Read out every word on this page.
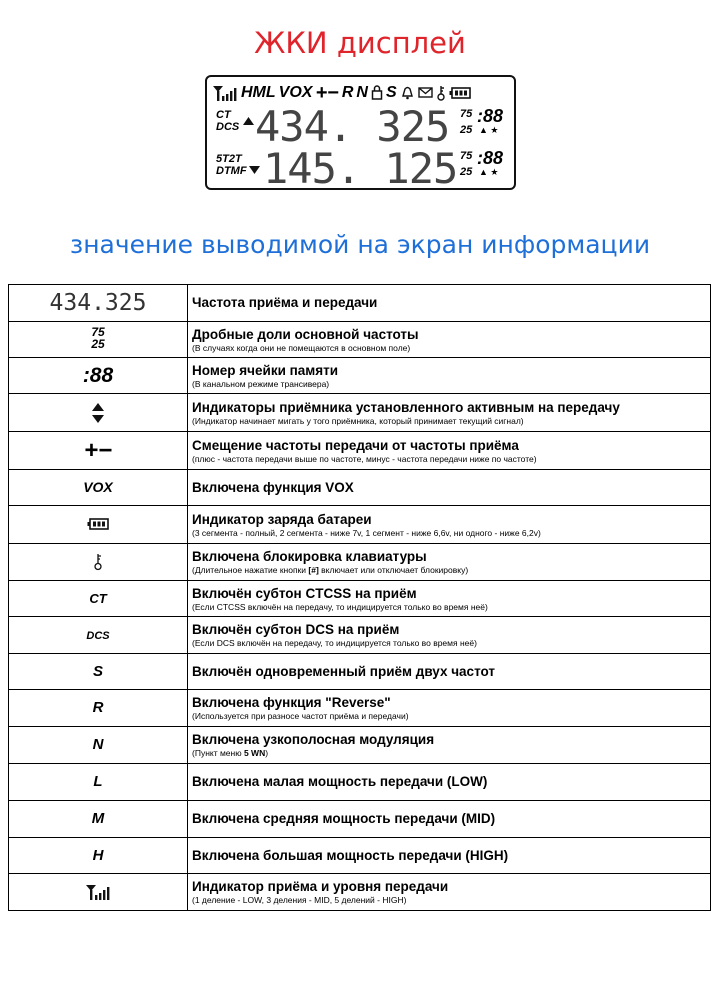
ЖКИ дисплей
HML VOX +− R N S
CT
DCS 434. 325 75
25
:88
▲ ★
5T2T
DTMF 145. 125 75
25
:88
▲ ★
значение выводимой на экран информации
434.325	Частота приёма и передачи

75
25	Дробные доли основной частоты
(В случаях когда они не помещаются в основном поле)

:88	Номер ячейки памяти
(В канальном режиме трансивера)

Индикаторы приёмника установленного активным на передачу
(Индикатор начинает мигать у того приёмника, который принимает текущий сигнал)

+−	Смещение частоты передачи от частоты приёма
(плюс - частота передачи выше по частоте, минус - частота передачи ниже по частоте)

VOX	Включена функция VOX

Индикатор заряда батареи
(3 сегмента - полный, 2 сегмента - ниже 7v, 1 сегмент - ниже 6,6v, ни одного - ниже 6,2v)

Включена блокировка клавиатуры
(Длительное нажатие кнопки [#] включает или отключает блокировку)

CT	Включён субтон CTCSS на приём
(Если CTCSS включён на передачу, то индицируется только во время неё)

DCS	Включён субтон DCS на приём
(Если DCS включён на передачу, то индицируется только во время неё)

S	Включён одновременный приём двух частот

R	Включена функция "Reverse"
(Используется при разносе частот приёма и передачи)

N	Включена узкополосная модуляция
(Пункт меню 5 WN)

L	Включена малая мощность передачи (LOW)

M	Включена средняя мощность передачи (MID)

H	Включена большая мощность передачи (HIGH)

Индикатор приёма и уровня передачи
(1 деление - LOW, 3 деления - MID, 5 делений - HIGH)
